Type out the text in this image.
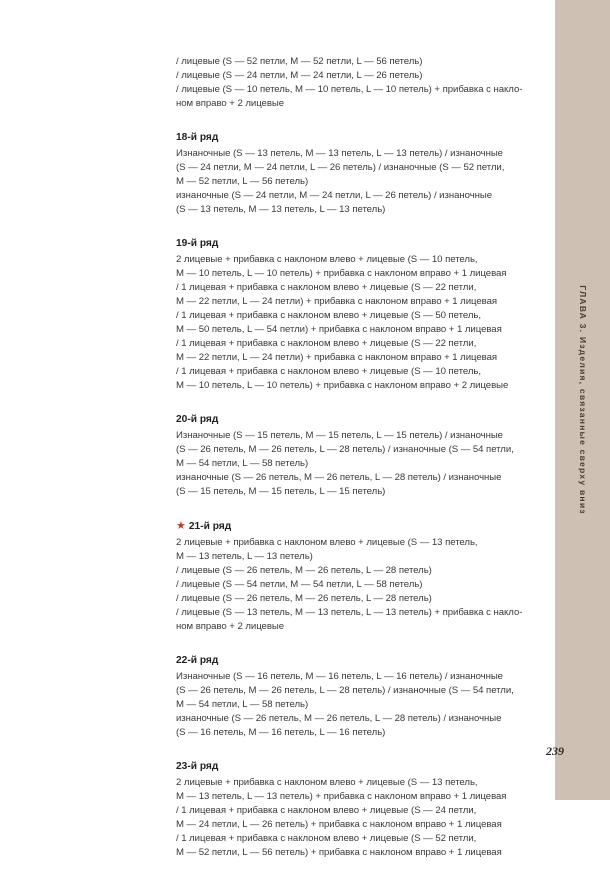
/ лицевые (S — 52 петли, M — 52 петли, L — 56 петель)
/ лицевые (S — 24 петли, M — 24 петли, L — 26 петель)
/ лицевые (S — 10 петель, M — 10 петель, L — 10 петель) + прибавка с накло-
ном вправо + 2 лицевые
18-й ряд
Изнаночные (S — 13 петель, M — 13 петель, L — 13 петель) / изнаночные
(S — 24 петли, M — 24 петли, L — 26 петель) / изнаночные (S — 52 петли,
M — 52 петли, L — 56 петель)
изнаночные (S — 24 петли, M — 24 петли, L — 26 петель) / изнаночные
(S — 13 петель, M — 13 петель, L — 13 петель)
19-й ряд
2 лицевые + прибавка с наклоном влево + лицевые (S — 10 петель,
M — 10 петель, L — 10 петель) + прибавка с наклоном вправо + 1 лицевая
/ 1 лицевая + прибавка с наклоном влево + лицевые (S — 22 петли,
M — 22 петли, L — 24 петли) + прибавка с наклоном вправо + 1 лицевая
/ 1 лицевая + прибавка с наклоном влево + лицевые (S — 50 петель,
M — 50 петель, L — 54 петли) + прибавка с наклоном вправо + 1 лицевая
/ 1 лицевая + прибавка с наклоном влево + лицевые (S — 22 петли,
M — 22 петли, L — 24 петли) + прибавка с наклоном вправо + 1 лицевая
/ 1 лицевая + прибавка с наклоном влево + лицевые (S — 10 петель,
M — 10 петель, L — 10 петель) + прибавка с наклоном вправо + 2 лицевые
20-й ряд
Изнаночные (S — 15 петель, M — 15 петель, L — 15 петель) / изнаночные
(S — 26 петель, M — 26 петель, L — 28 петель) / изнаночные (S — 54 петли,
M — 54 петли, L — 58 петель)
изнаночные (S — 26 петель, M — 26 петель, L — 28 петель) / изнаночные
(S — 15 петель, M — 15 петель, L — 15 петель)
★ 21-й ряд
2 лицевые + прибавка с наклоном влево + лицевые (S — 13 петель,
M — 13 петель, L — 13 петель)
/ лицевые (S — 26 петель, M — 26 петель, L — 28 петель)
/ лицевые (S — 54 петли, M — 54 петли, L — 58 петель)
/ лицевые (S — 26 петель, M — 26 петель, L — 28 петель)
/ лицевые (S — 13 петель, M — 13 петель, L — 13 петель) + прибавка с накло-
ном вправо + 2 лицевые
22-й ряд
Изнаночные (S — 16 петель, M — 16 петель, L — 16 петель) / изнаночные
(S — 26 петель, M — 26 петель, L — 28 петель) / изнаночные (S — 54 петли,
M — 54 петли, L — 58 петель)
изнаночные (S — 26 петель, M — 26 петель, L — 28 петель) / изнаночные
(S — 16 петель, M — 16 петель, L — 16 петель)
23-й ряд
2 лицевые + прибавка с наклоном влево + лицевые (S — 13 петель,
M — 13 петель, L — 13 петель) + прибавка с наклоном вправо + 1 лицевая
/ 1 лицевая + прибавка с наклоном влево + лицевые (S — 24 петли,
M — 24 петли, L — 26 петель) + прибавка с наклоном вправо + 1 лицевая
/ 1 лицевая + прибавка с наклоном влево + лицевые (S — 52 петли,
M — 52 петли, L — 56 петель) + прибавка с наклоном вправо + 1 лицевая
ГЛАВА 3. Изделия, связанные сверху вниз
239
